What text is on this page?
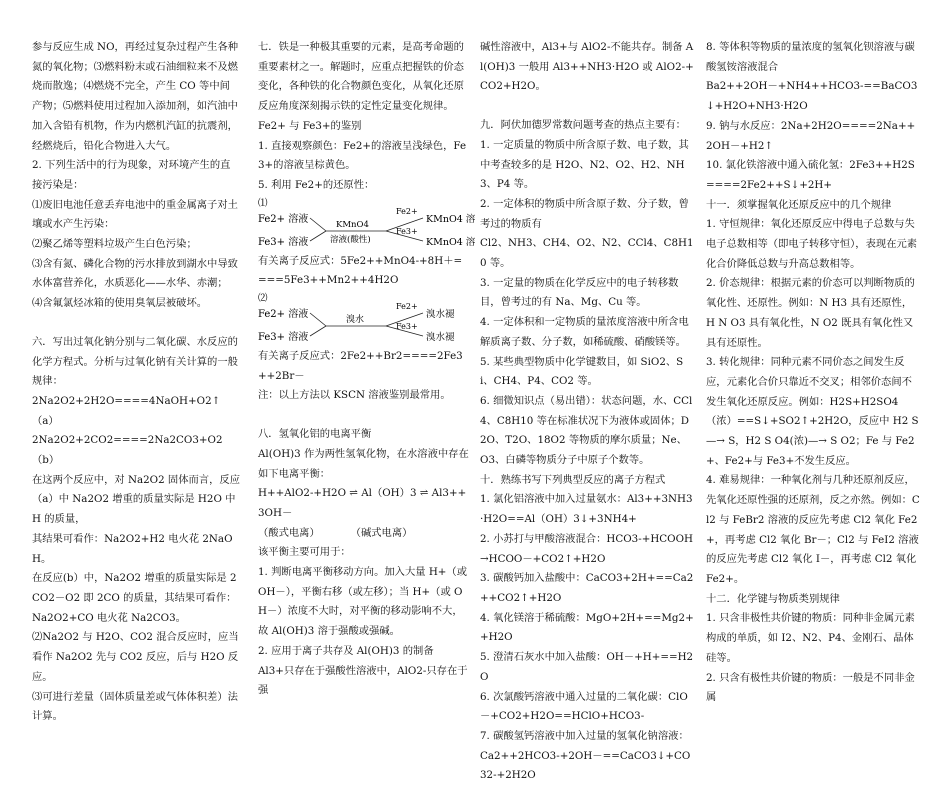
参与反应生成 NO，再经过复杂过程产生各种氮的氧化物；⑶燃料粉末或石油细粒来不及燃烧而散逸；⑷燃烧不完全，产生 CO 等中间产物；⑸燃料使用过程加入添加剂，如汽油中加入含铅有机物，作为内燃机汽缸的抗震剂，经燃烧后，铅化合物进入大气。

2. 下列生活中的行为现象，对环境产生的直接污染是：

⑴废旧电池任意丢弃电池中的重金属离子对土壤或水产生污染：

⑵聚乙烯等塑料垃圾产生白色污染；

⑶含有氮、磷化合物的污水排放到湖水中导致水体富营养化，水质恶化——水华、赤潮；

⑷含氟氯烃冰箱的使用臭氧层被破坏。

六．写出过氧化钠分别与二氧化碳、水反应的化学方程式。分析与过氧化钠有关计算的一般规律：

2Na2O2+2H2O====4NaOH+O2↑　（a）

2Na2O2+2CO2====2Na2CO3+O2　（b）

在这两个反应中，对 Na2O2 固体而言，反应（a）中 Na2O2 增重的质量实际是 H2O 中 H 的质量，

其结果可看作：Na2O2+H2 电火花 2NaOH。

在反应(b）中，Na2O2 增重的质量实际是 2CO2－O2 即 2CO 的质量，其结果可看作：Na2O2+CO 电火花 Na2CO3。

⑵Na2O2 与 H2O、CO2 混合反应时，应当看作 Na2O2 先与 CO2 反应，后与 H2O 反应。

⑶可进行差量（固体质量差或气体体积差）法计算。

七．铁是一种极其重要的元素，是高考命题的重要素材之一。解题时，应重点把握铁的价态变化，各种铁的化合物颜色变化，从氧化还原反应角度深刻揭示铁的定性定量变化规律。

Fe2+ 与 Fe3+的鉴别

1. 直接观察颜色：Fe2+的溶液呈浅绿色，Fe3+的溶液呈棕黄色。

5. 利用 Fe2+的还原性：

⑴
Fe2+ 溶液
Fe3+ 溶液
KMnO4
溶液(酸性)
Fe2+
Fe3+
KMnO4 溶
KMnO4 溶

有关离子反应式：5Fe2++MnO4-+8H＋====5Fe3++Mn2++4H2O

⑵
Fe2+ 溶液
Fe3+ 溶液
溴水
Fe2+
Fe3+
溴水褪
溴水褪

有关离子反应式：2Fe2++Br2====2Fe3++2Br－

注：以上方法以 KSCN 溶液鉴别最常用。

八．氢氧化铝的电离平衡

Al(OH)3 作为两性氢氧化物，在水溶液中存在如下电离平衡：

H++AlO2-+H2O ⇌ Al（OH）3 ⇌ Al3++3OH－

（酸式电离）　　　　（碱式电离）

该平衡主要可用于：

1. 判断电离平衡移动方向。加入大量 H+（或 OH－），平衡右移（或左移）；当 H+（或 OH－）浓度不大时，对平衡的移动影响不大，故 Al(OH)3 溶于强酸或强碱。

2. 应用于离子共存及 Al(OH)3 的制备

Al3+只存在于强酸性溶液中，AlO2-只存在于强

碱性溶液中，Al3+与 AlO2-不能共存。制备 Al(OH)3 一般用 Al3++NH3·H2O 或 AlO2-+CO2+H2O。

九．阿伏加德罗常数问题考查的热点主要有：

1. 一定质量的物质中所含原子数、电子数，其中考查较多的是 H2O、N2、O2、H2、NH3、P4 等。

2. 一定体积的物质中所含原子数、分子数，曾考过的物质有

Cl2、NH3、CH4、O2、N2、CCl4、C8H10 等。

3. 一定量的物质在化学反应中的电子转移数目，曾考过的有 Na、Mg、Cu 等。

4. 一定体积和一定物质的量浓度溶液中所含电解质离子数、分子数，如稀硫酸、硝酸镁等。

5. 某些典型物质中化学键数目，如 SiO2、Si、CH4、P4、CO2 等。

6. 细微知识点（易出错）：状态问题，水、CCl4、C8H10 等在标准状况下为液体或固体；D2O、T2O、18O2 等物质的摩尔质量；Ne、O3、白磷等物质分子中原子个数等。

十．熟练书写下列典型反应的离子方程式

1. 氯化铝溶液中加入过量氨水：Al3++3NH3·H2O==Al（OH）3↓+3NH4+

2. 小苏打与甲酸溶液混合：HCO3-+HCOOH→HCOO－+CO2↑+H2O

3. 碳酸钙加入盐酸中：CaCO3+2H+==Ca2++CO2↑+H2O

4. 氧化镁溶于稀硫酸：MgO+2H+==Mg2++H2O

5. 澄清石灰水中加入盐酸：OH－+H+==H2O

6. 次氯酸钙溶液中通入过量的二氧化碳：ClO－+CO2+H2O==HClO+HCO3-

7. 碳酸氢钙溶液中加入过量的氢氧化钠溶液：Ca2++2HCO3-+2OH－==CaCO3↓+CO32-+2H2O

8. 等体积等物质的量浓度的氢氧化钡溶液与碳酸氢铵溶液混合

Ba2++2OH－+NH4++HCO3-==BaCO3↓+H2O+NH3·H2O

9. 钠与水反应：2Na+2H2O====2Na++2OH－+H2↑

10. 氯化铁溶液中通入硫化氢：2Fe3++H2S====2Fe2++S↓+2H+

十一．须掌握氧化还原反应中的几个规律

1. 守恒规律：氧化还原反应中得电子总数与失电子总数相等（即电子转移守恒），表现在元素化合价降低总数与升高总数相等。

2. 价态规律：根据元素的价态可以判断物质的氧化性、还原性。例如：N H3 具有还原性，H N O3 具有氧化性，N O2 既具有氧化性又具有还原性。

3. 转化规律：同种元素不同价态之间发生反应，元素化合价只靠近不交叉；相邻价态间不发生氧化还原反应。例如：H2S+H2SO4（浓）==S↓+SO2↑+2H2O，反应中 H2 S —→ S，H2 S O4(浓)—→ S O2；Fe 与 Fe2+、Fe2+与 Fe3+不发生反应。

4. 难易规律：一种氧化剂与几种还原剂反应，先氧化还原性强的还原剂，反之亦然。例如：Cl2 与 FeBr2 溶液的反应先考虑 Cl2 氧化 Fe2+，再考虑 Cl2 氧化 Br－；Cl2 与 FeI2 溶液的反应先考虑 Cl2 氧化 I－，再考虑 Cl2 氧化 Fe2+。

十二．化学键与物质类别规律

1. 只含非极性共价键的物质：同种非金属元素构成的单质，如 I2、N2、P4、金刚石、晶体硅等。

2. 只含有极性共价键的物质：一般是不同非金属
